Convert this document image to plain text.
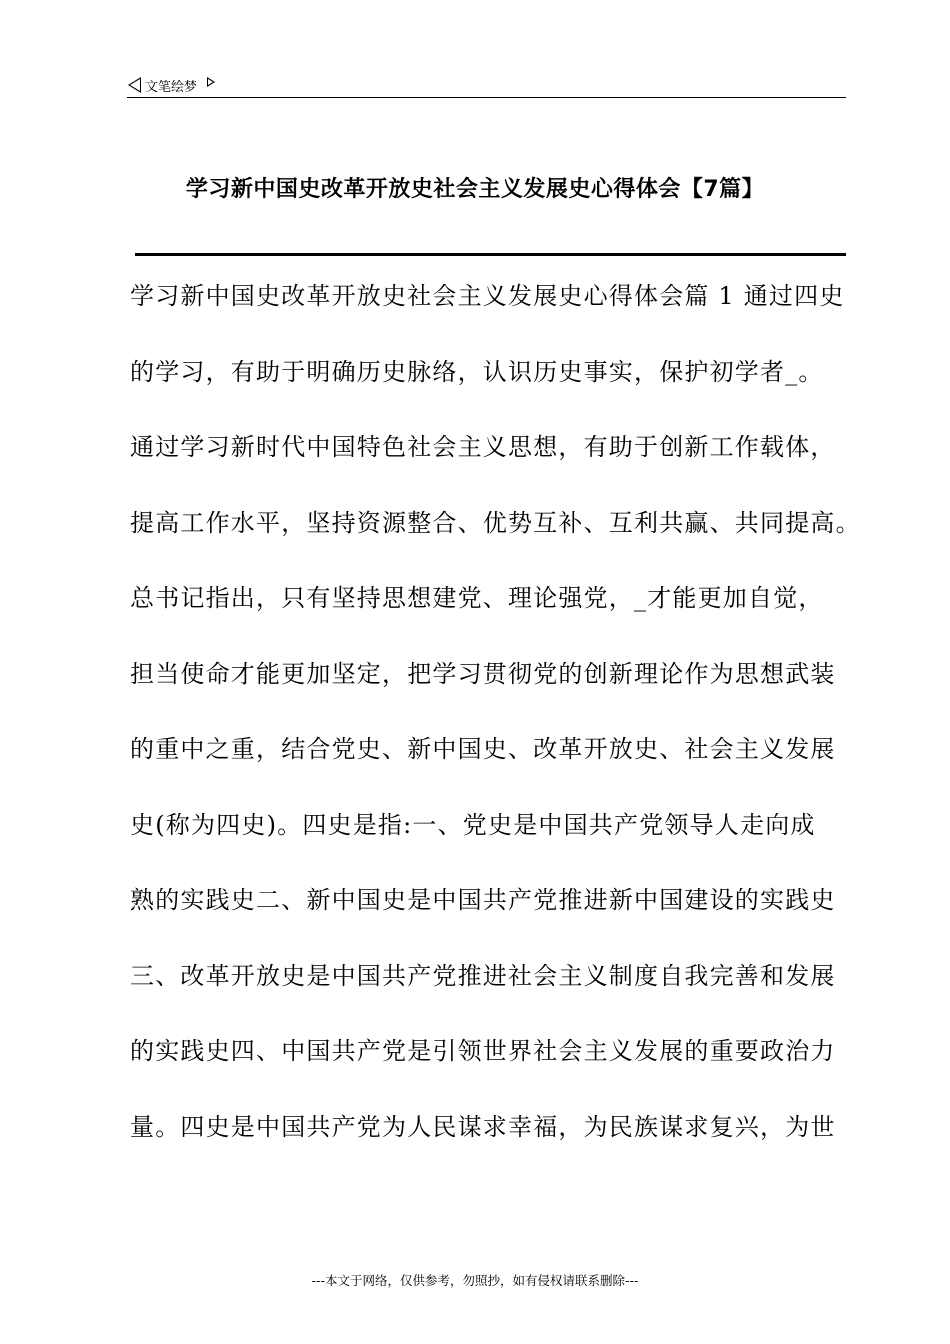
文笔绘梦
学习新中国史改革开放史社会主义发展史心得体会【7篇】
学习新中国史改革开放史社会主义发展史心得体会篇 1 通过四史
的学习，有助于明确历史脉络，认识历史事实，保护初学者_。
通过学习新时代中国特色社会主义思想，有助于创新工作载体，
提高工作水平，坚持资源整合、优势互补、互利共赢、共同提高。
总书记指出，只有坚持思想建党、理论强党，_才能更加自觉，
担当使命才能更加坚定，把学习贯彻党的创新理论作为思想武装
的重中之重，结合党史、新中国史、改革开放史、社会主义发展
史(称为四史)。四史是指:一、党史是中国共产党领导人走向成
熟的实践史二、新中国史是中国共产党推进新中国建设的实践史
三、改革开放史是中国共产党推进社会主义制度自我完善和发展
的实践史四、中国共产党是引领世界社会主义发展的重要政治力
量。四史是中国共产党为人民谋求幸福，为民族谋求复兴，为世
---本文于网络，仅供参考，勿照抄，如有侵权请联系删除---
